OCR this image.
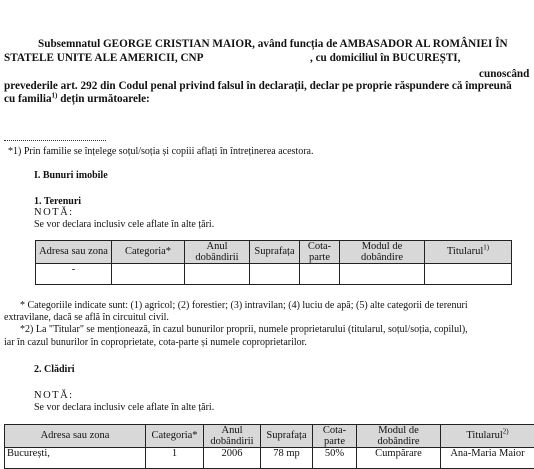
Subsemnatul GEORGE CRISTIAN MAIOR, având funcția de AMBASADOR AL ROMÂNIEI ÎN
STATELE UNITE ALE AMERICII, CNP	, cu domiciliul în BUCUREȘTI,
cunoscând
prevederile art. 292 din Codul penal privind falsul în declarații, declar pe proprie răspundere că împreună
cu familia$^{1)}$ dețin următoarele:
*1) Prin familie se înțelege soțul/soția și copiii aflați în întreținerea acestora.
I. Bunuri imobile
1. Terenuri
NOTĂ:
Se vor declara inclusiv cele aflate în alte țări.
Adresa sau zona	Categoria*	Anul dobândirii	Suprafața	Cota-parte	Modul de dobândire	Titularul$^{1)}$
-						
* Categoriile indicate sunt: (1) agricol; (2) forestier; (3) intravilan; (4) luciu de apă; (5) alte categorii de terenuri
extravilane, dacă se află în circuitul civil.
*2) La "Titular" se menționează, în cazul bunurilor proprii, numele proprietarului (titularul, soțul/soția, copilul),
iar în cazul bunurilor în coproprietate, cota-parte și numele coproprietarilor.
2. Clădiri
NOTĂ:
Se vor declara inclusiv cele aflate în alte țări.
Adresa sau zona	Categoria*	Anul dobândirii	Suprafața	Cota-parte	Modul de dobândire	Titularul$^{2)}$
București,	1	2006	78 mp	50%	Cumpărare	Ana-Maria Maior
